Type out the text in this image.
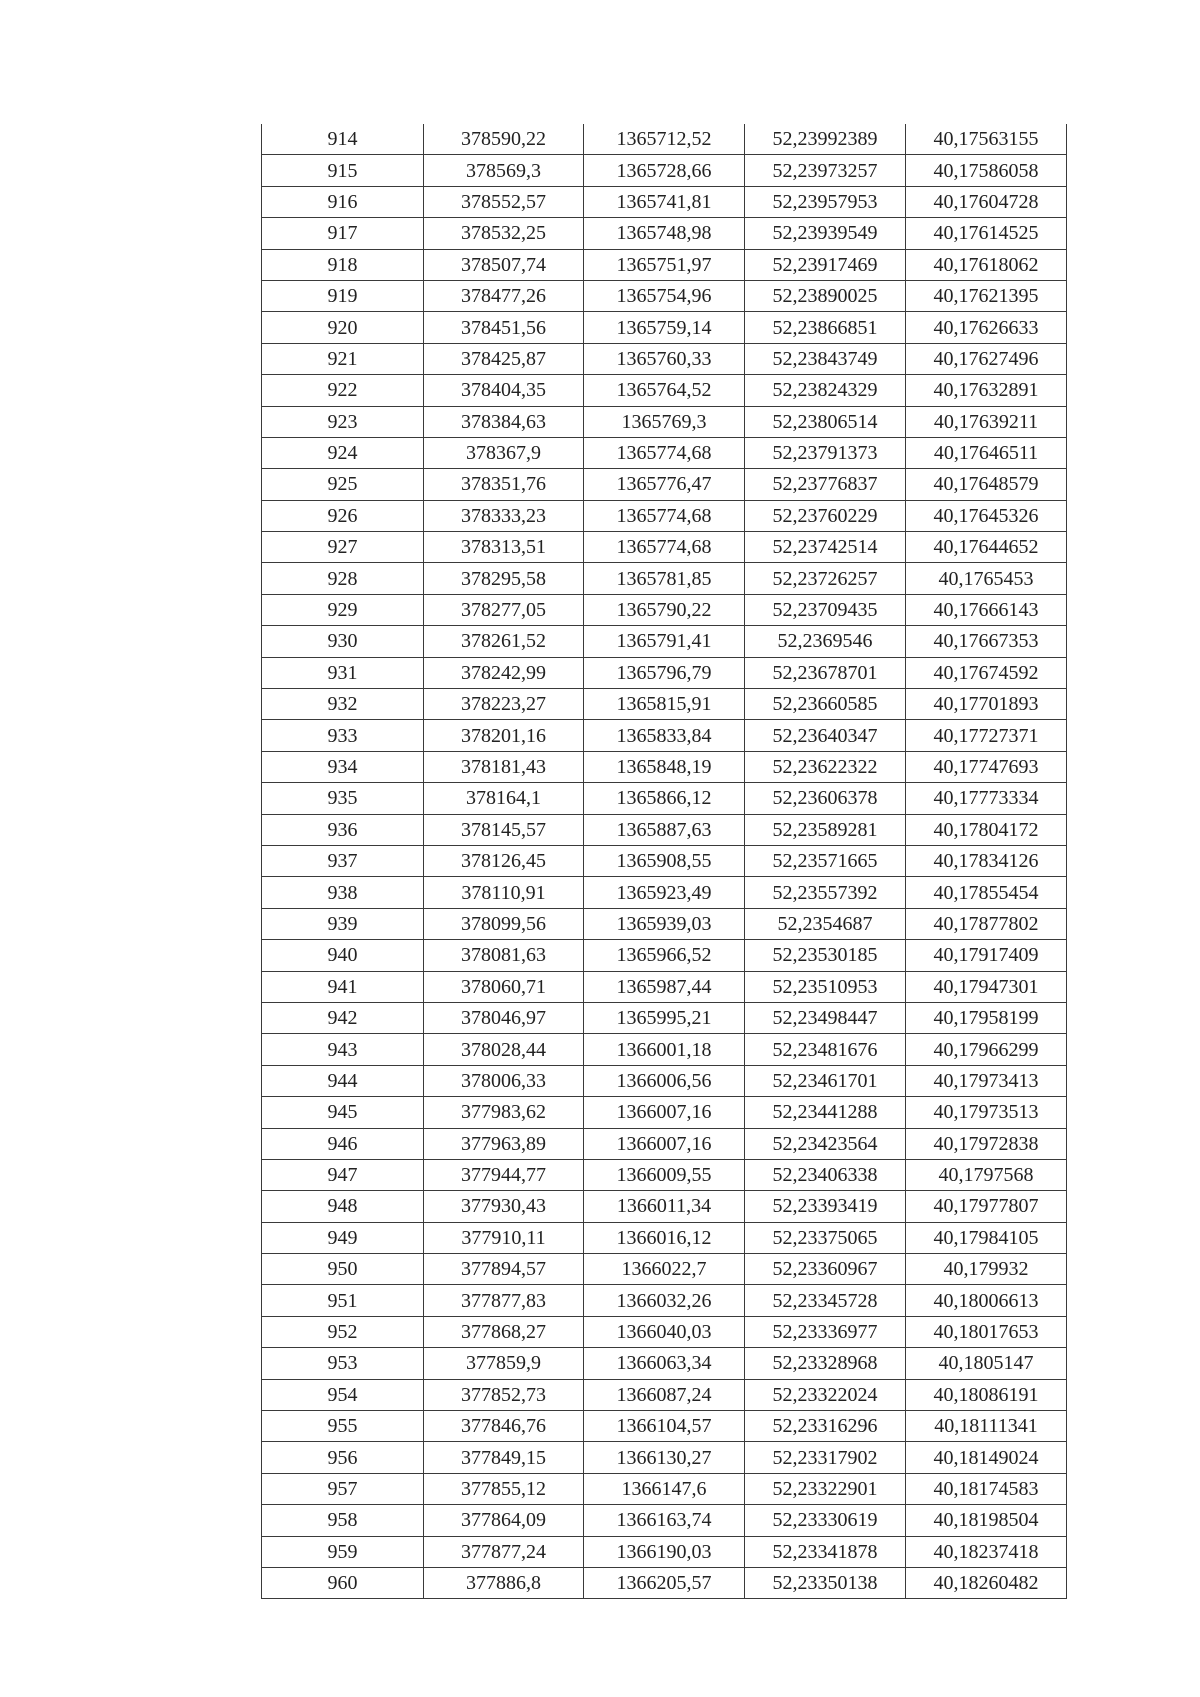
914	378590,22	1365712,52	52,23992389	40,17563155
915	378569,3	1365728,66	52,23973257	40,17586058
916	378552,57	1365741,81	52,23957953	40,17604728
917	378532,25	1365748,98	52,23939549	40,17614525
918	378507,74	1365751,97	52,23917469	40,17618062
919	378477,26	1365754,96	52,23890025	40,17621395
920	378451,56	1365759,14	52,23866851	40,17626633
921	378425,87	1365760,33	52,23843749	40,17627496
922	378404,35	1365764,52	52,23824329	40,17632891
923	378384,63	1365769,3	52,23806514	40,17639211
924	378367,9	1365774,68	52,23791373	40,17646511
925	378351,76	1365776,47	52,23776837	40,17648579
926	378333,23	1365774,68	52,23760229	40,17645326
927	378313,51	1365774,68	52,23742514	40,17644652
928	378295,58	1365781,85	52,23726257	40,1765453
929	378277,05	1365790,22	52,23709435	40,17666143
930	378261,52	1365791,41	52,2369546	40,17667353
931	378242,99	1365796,79	52,23678701	40,17674592
932	378223,27	1365815,91	52,23660585	40,17701893
933	378201,16	1365833,84	52,23640347	40,17727371
934	378181,43	1365848,19	52,23622322	40,17747693
935	378164,1	1365866,12	52,23606378	40,17773334
936	378145,57	1365887,63	52,23589281	40,17804172
937	378126,45	1365908,55	52,23571665	40,17834126
938	378110,91	1365923,49	52,23557392	40,17855454
939	378099,56	1365939,03	52,2354687	40,17877802
940	378081,63	1365966,52	52,23530185	40,17917409
941	378060,71	1365987,44	52,23510953	40,17947301
942	378046,97	1365995,21	52,23498447	40,17958199
943	378028,44	1366001,18	52,23481676	40,17966299
944	378006,33	1366006,56	52,23461701	40,17973413
945	377983,62	1366007,16	52,23441288	40,17973513
946	377963,89	1366007,16	52,23423564	40,17972838
947	377944,77	1366009,55	52,23406338	40,1797568
948	377930,43	1366011,34	52,23393419	40,17977807
949	377910,11	1366016,12	52,23375065	40,17984105
950	377894,57	1366022,7	52,23360967	40,179932
951	377877,83	1366032,26	52,23345728	40,18006613
952	377868,27	1366040,03	52,23336977	40,18017653
953	377859,9	1366063,34	52,23328968	40,1805147
954	377852,73	1366087,24	52,23322024	40,18086191
955	377846,76	1366104,57	52,23316296	40,18111341
956	377849,15	1366130,27	52,23317902	40,18149024
957	377855,12	1366147,6	52,23322901	40,18174583
958	377864,09	1366163,74	52,23330619	40,18198504
959	377877,24	1366190,03	52,23341878	40,18237418
960	377886,8	1366205,57	52,23350138	40,18260482
